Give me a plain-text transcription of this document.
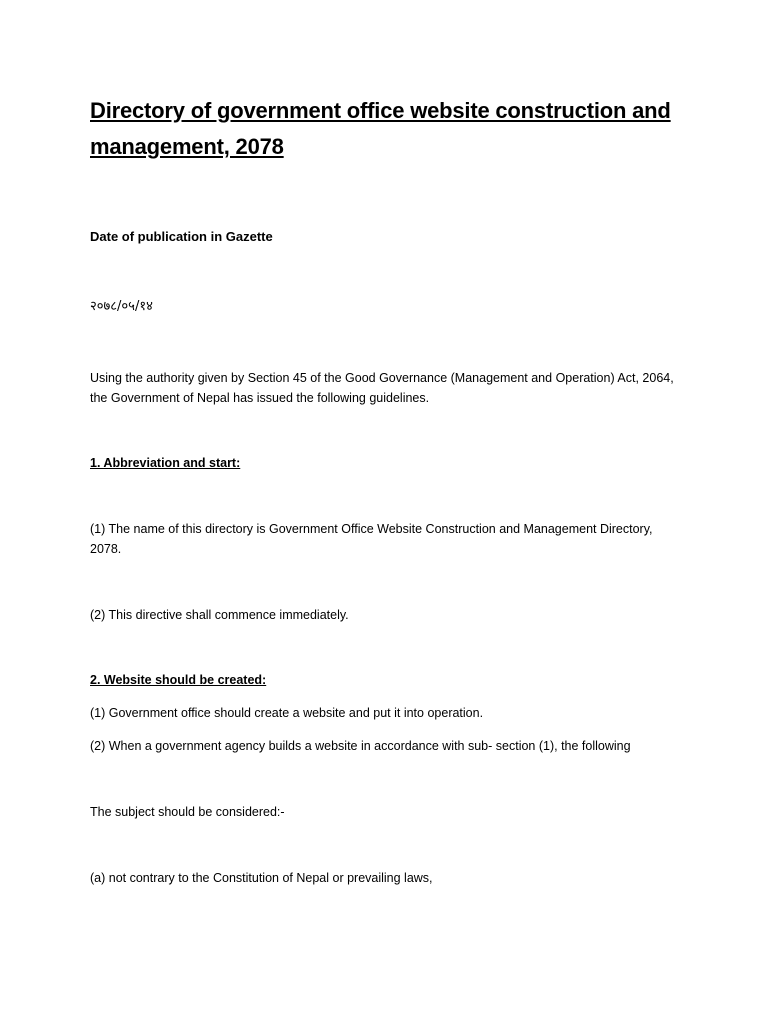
Directory of government office website construction and management, 2078

Date of publication in Gazette

२०७८/०५/१४

Using the authority given by Section 45 of the Good Governance (Management and Operation) Act, 2064, the Government of Nepal has issued the following guidelines.

1. Abbreviation and start:

(1) The name of this directory is Government Office Website Construction and Management Directory, 2078.

(2) This directive shall commence immediately.

2. Website should be created:

(1) Government office should create a website and put it into operation.

(2) When a government agency builds a website in accordance with sub- section (1), the following

The subject should be considered:-

(a) not contrary to the Constitution of Nepal or prevailing laws,
